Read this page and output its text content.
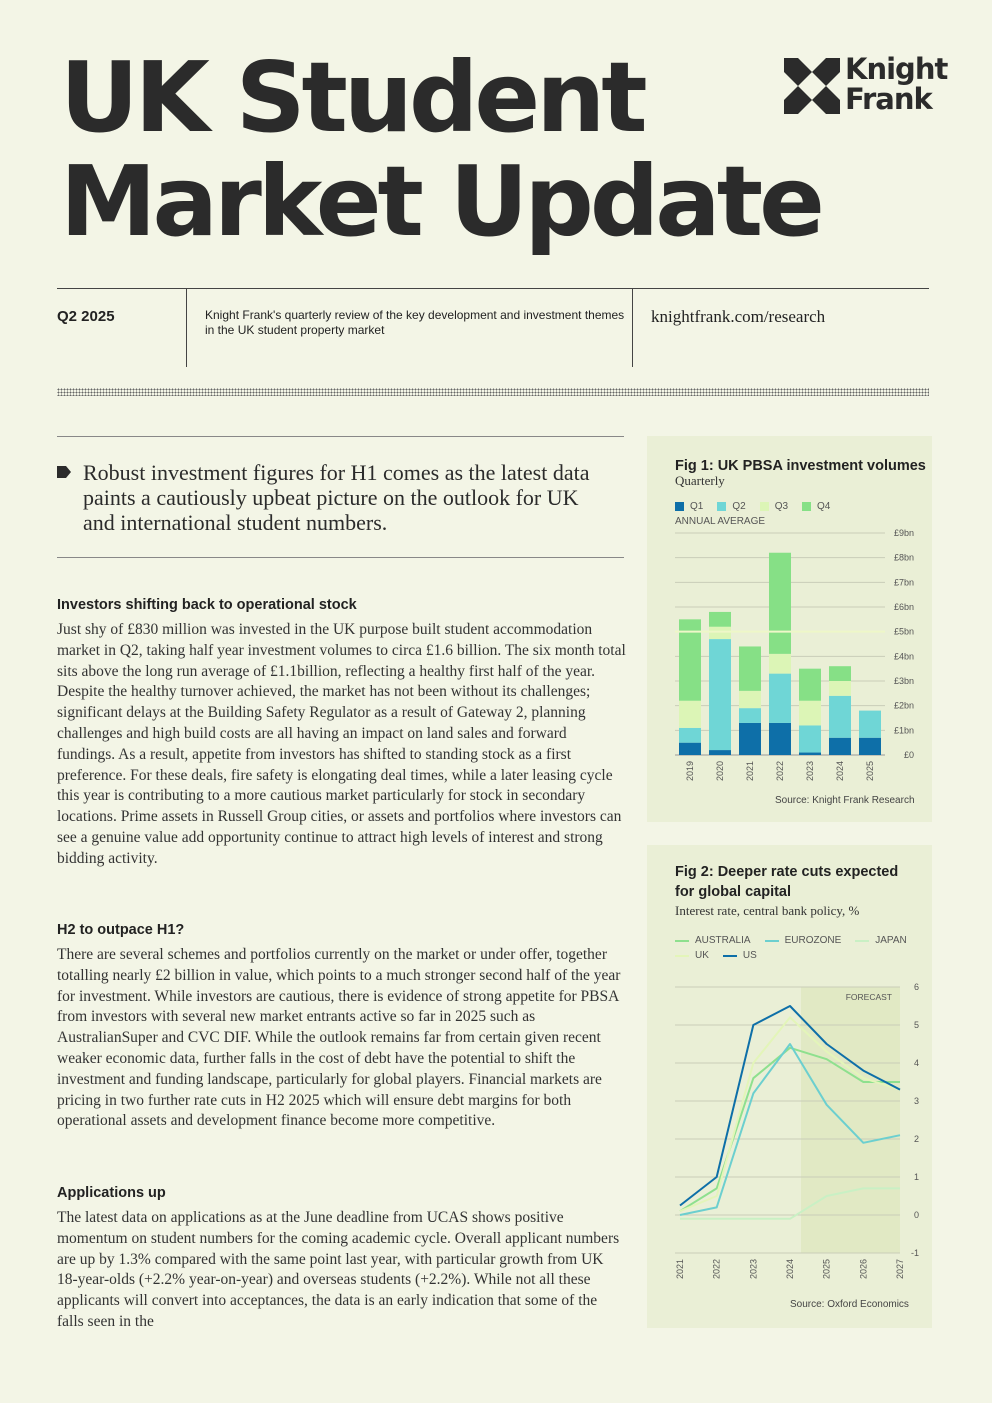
UK Student
Market Update
Knight
Frank
Q2 2025	Knight Frank's quarterly review of the key development and investment themes in the UK student property market
knightfrank.com/research
Robust investment figures for H1 comes as the latest data paints a cautiously upbeat picture on the outlook for UK and international student numbers.
Investors shifting back to operational stock
Just shy of £830 million was invested in the UK purpose built student accommodation market in Q2, taking half year investment volumes to circa £1.6 billion. The six month total sits above the long run average of £1.1billion, reflecting a healthy first half of the year. Despite the healthy turnover achieved, the market has not been without its challenges; significant delays at the Building Safety Regulator as a result of Gateway 2, planning challenges and high build costs are all having an impact on land sales and forward fundings. As a result, appetite from investors has shifted to standing stock as a first preference. For these deals, fire safety is elongating deal times, while a later leasing cycle this year is contributing to a more cautious market particularly for stock in secondary locations. Prime assets in Russell Group cities, or assets and portfolios where investors can see a genuine value add opportunity continue to attract high levels of interest and strong bidding activity.
H2 to outpace H1?
There are several schemes and portfolios currently on the market or under offer, together totalling nearly £2 billion in value, which points to a much stronger second half of the year for investment. While investors are cautious, there is evidence of strong appetite for PBSA from investors with several new market entrants active so far in 2025 such as AustralianSuper and CVC DIF. While the outlook remains far from certain given recent weaker economic data, further falls in the cost of debt have the potential to shift the investment and funding landscape, particularly for global players. Financial markets are pricing in two further rate cuts in H2 2025 which will ensure debt margins for both operational assets and development finance become more competitive.
Applications up
The latest data on applications as at the June deadline from UCAS shows positive momentum on student numbers for the coming academic cycle. Overall applicant numbers are up by 1.3% compared with the same point last year, with particular growth from UK 18-year-olds (+2.2% year-on-year) and overseas students (+2.2%). While not all these applicants will convert into acceptances, the data is an early indication that some of the falls seen in the
Fig 1: UK PBSA investment volumes
Quarterly
Q1	Q2	Q3	Q4
ANNUAL AVERAGE
£0
£1bn
£2bn
£3bn
£4bn
£5bn
£6bn
£7bn
£8bn
£9bn
2019 2020 2021 2022 2023 2024 2025
Source: Knight Frank Research
Fig 2: Deeper rate cuts expected
for global capital
Interest rate, central bank policy, %
AUSTRALIA	EUROZONE	JAPAN
UK	US
FORECAST
-1
0
1
2
3
4
5
6
2021	2022	2023	2024	2025	2026	2027
Source: Oxford Economics
